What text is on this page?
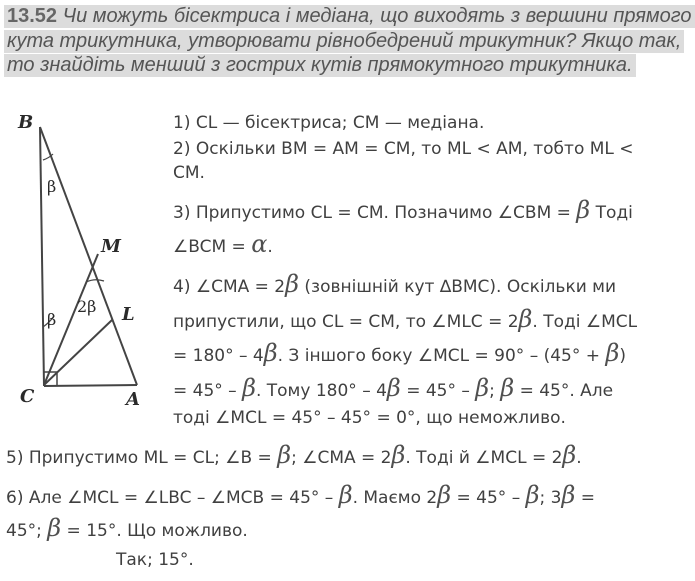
13.52 Чи можуть бісектриса і медіана, що виходять з вершини прямого кута трикутника, утворювати рівнобедрений трикутник? Якщо так, то знайдіть менший з гострих кутів прямокутного трикутника.
B
M
L
C	A
β
β
2β
1) CL — бісектриса; CM — медіана.
2) Оскільки BM = AM = CM, то ML < AM, тобто ML <
CM.
3) Припустимо CL = CM. Позначимо ∠CBM = β Тоді
∠BCM = α.
4) ∠CMA = 2β (зовнішній кут ∆BMC). Оскільки ми
припустили, що CL = CM, то ∠MLC = 2β. Тоді ∠MCL
= 180° – 4β. З іншого боку ∠MCL = 90° – (45° + β)
= 45° – β. Тому 180° – 4β = 45° – β; β = 45°. Але
тоді ∠MCL = 45° – 45° = 0°, що неможливо.
5) Припустимо ML = CL; ∠B = β; ∠CMA = 2β. Тоді й ∠MCL = 2β.
6) Але ∠MCL = ∠LBC – ∠MCB = 45° – β. Маємо 2β = 45° – β; 3β =
45°; β = 15°. Що можливо.
Так; 15°.
